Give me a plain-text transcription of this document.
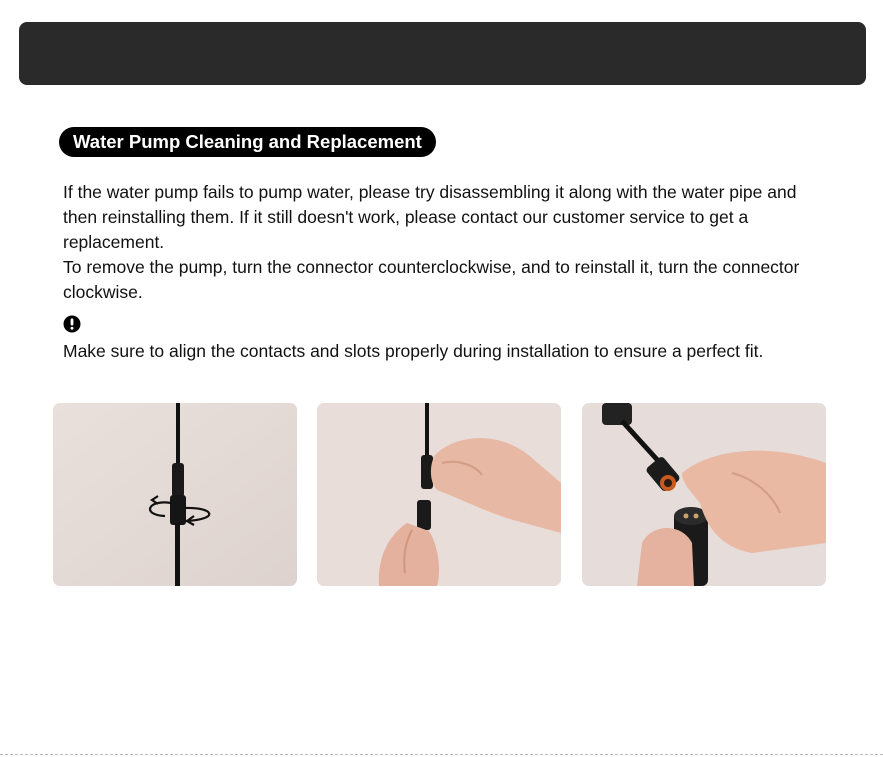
Water Pump Cleaning and Replacement

If the water pump fails to pump water, please try disassembling it along with the water pipe and then reinstalling them. If it still doesn't work, please contact our customer service to get a replacement.

To remove the pump, turn the connector counterclockwise, and to reinstall it, turn the connector clockwise.

Make sure to align the contacts and slots properly during installation to ensure a perfect fit.
